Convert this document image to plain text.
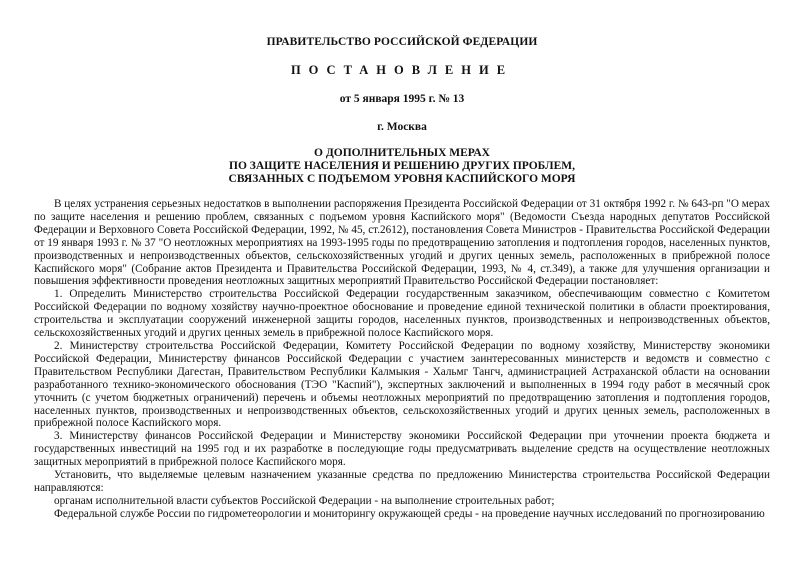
ПРАВИТЕЛЬСТВО РОССИЙСКОЙ ФЕДЕРАЦИИ

ПОСТАНОВЛЕНИЕ

от 5 января 1995 г. № 13

г. Москва

О ДОПОЛНИТЕЛЬНЫХ МЕРАХ
ПО ЗАЩИТЕ НАСЕЛЕНИЯ И РЕШЕНИЮ ДРУГИХ ПРОБЛЕМ,
СВЯЗАННЫХ С ПОДЪЕМОМ УРОВНЯ КАСПИЙСКОГО МОРЯ

В целях устранения серьезных недостатков в выполнении распоряжения Президента Российской Федерации от 31 октября 1992 г. № 643-рп "О мерах по защите населения и решению проблем, связанных с подъемом уровня Каспийского моря" (Ведомости Съезда народных депутатов Российской Федерации и Верховного Совета Российской Федерации, 1992, № 45, ст.2612), постановления Совета Министров - Правительства Российской Федерации от 19 января 1993 г. № 37 "О неотложных мероприятиях на 1993-1995 годы по предотвращению затопления и подтопления городов, населенных пунктов, производственных и непроизводственных объектов, сельскохозяйственных угодий и других ценных земель, расположенных в прибрежной полосе Каспийского моря" (Собрание актов Президента и Правительства Российской Федерации, 1993, № 4, ст.349), а также для улучшения организации и повышения эффективности проведения неотложных защитных мероприятий Правительство Российской Федерации постановляет:

1. Определить Министерство строительства Российской Федерации государственным заказчиком, обеспечивающим совместно с Комитетом Российской Федерации по водному хозяйству научно-проектное обоснование и проведение единой технической политики в области проектирования, строительства и эксплуатации сооружений инженерной защиты городов, населенных пунктов, производственных и непроизводственных объектов, сельскохозяйственных угодий и других ценных земель в прибрежной полосе Каспийского моря.

2. Министерству строительства Российской Федерации, Комитету Российской Федерации по водному хозяйству, Министерству экономики Российской Федерации, Министерству финансов Российской Федерации с участием заинтересованных министерств и ведомств и совместно с Правительством Республики Дагестан, Правительством Республики Калмыкия - Хальмг Тангч, администрацией Астраханской области на основании разработанного технико-экономического обоснования (ТЭО "Каспий"), экспертных заключений и выполненных в 1994 году работ в месячный срок уточнить (с учетом бюджетных ограничений) перечень и объемы неотложных мероприятий по предотвращению затопления и подтопления городов, населенных пунктов, производственных и непроизводственных объектов, сельскохозяйственных угодий и других ценных земель, расположенных в прибрежной полосе Каспийского моря.

3. Министерству финансов Российской Федерации и Министерству экономики Российской Федерации при уточнении проекта бюджета и государственных инвестиций на 1995 год и их разработке в последующие годы предусматривать выделение средств на осуществление неотложных защитных мероприятий в прибрежной полосе Каспийского моря.

Установить, что выделяемые целевым назначением указанные средства по предложению Министерства строительства Российской Федерации направляются:

органам исполнительной власти субъектов Российской Федерации - на выполнение строительных работ;

Федеральной службе России по гидрометеорологии и мониторингу окружающей среды - на проведение научных исследований по прогнозированию
